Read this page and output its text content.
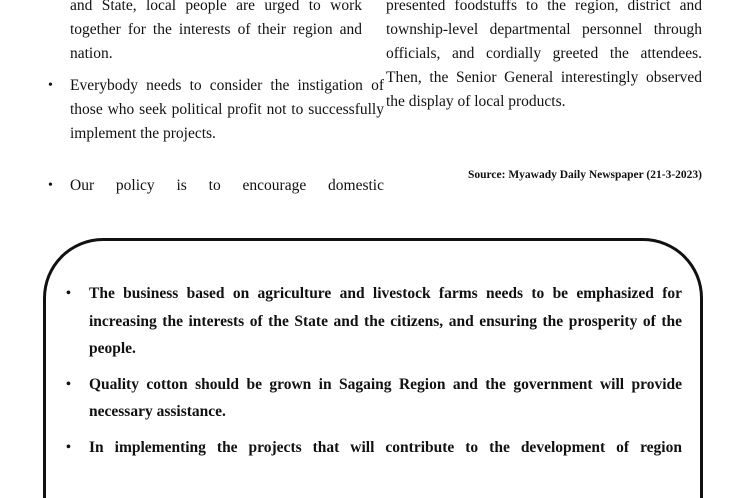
and State, local people are urged to work together for the interests of their region and nation.

• Everybody needs to consider the instigation of those who seek political profit not to successfully implement the projects.

• Our policy is to encourage domestic

presented foodstuffs to the region, district and township-level departmental personnel through officials, and cordially greeted the attendees. Then, the Senior General interestingly observed the display of local products.

Source: Myawady Daily Newspaper (21-3-2023)
• The business based on agriculture and livestock farms needs to be emphasized for increasing the interests of the State and the citizens, and ensuring the prosperity of the people.

• Quality cotton should be grown in Sagaing Region and the government will provide necessary assistance.

• In implementing the projects that will contribute to the development of region
